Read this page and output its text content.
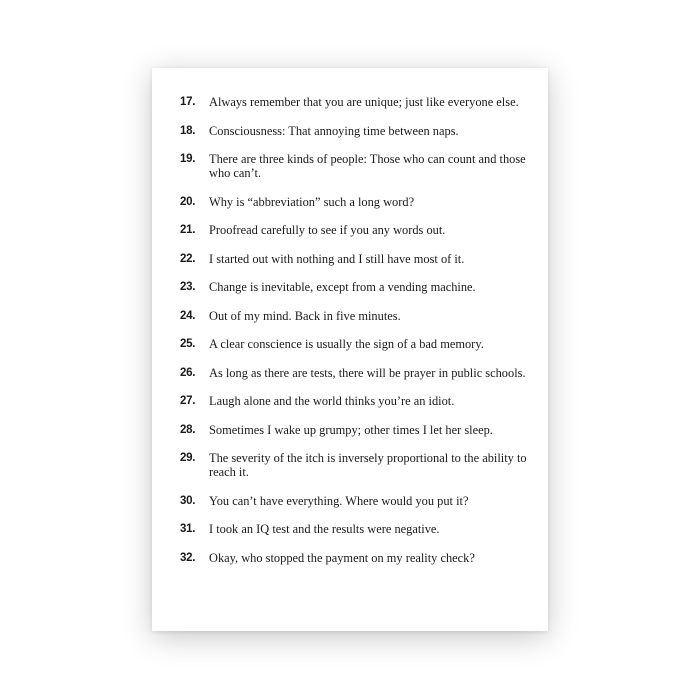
17.	Always remember that you are unique; just like everyone else.
18.	Consciousness: That annoying time between naps.
19.	There are three kinds of people: Those who can count and those who can’t.
20.	Why is “abbreviation” such a long word?
21.	Proofread carefully to see if you any words out.
22.	I started out with nothing and I still have most of it.
23.	Change is inevitable, except from a vending machine.
24.	Out of my mind. Back in five minutes.
25.	A clear conscience is usually the sign of a bad memory.
26.	As long as there are tests, there will be prayer in public schools.
27.	Laugh alone and the world thinks you’re an idiot.
28.	Sometimes I wake up grumpy; other times I let her sleep.
29.	The severity of the itch is inversely proportional to the ability to reach it.
30.	You can’t have everything. Where would you put it?
31.	I took an IQ test and the results were negative.
32.	Okay, who stopped the payment on my reality check?
